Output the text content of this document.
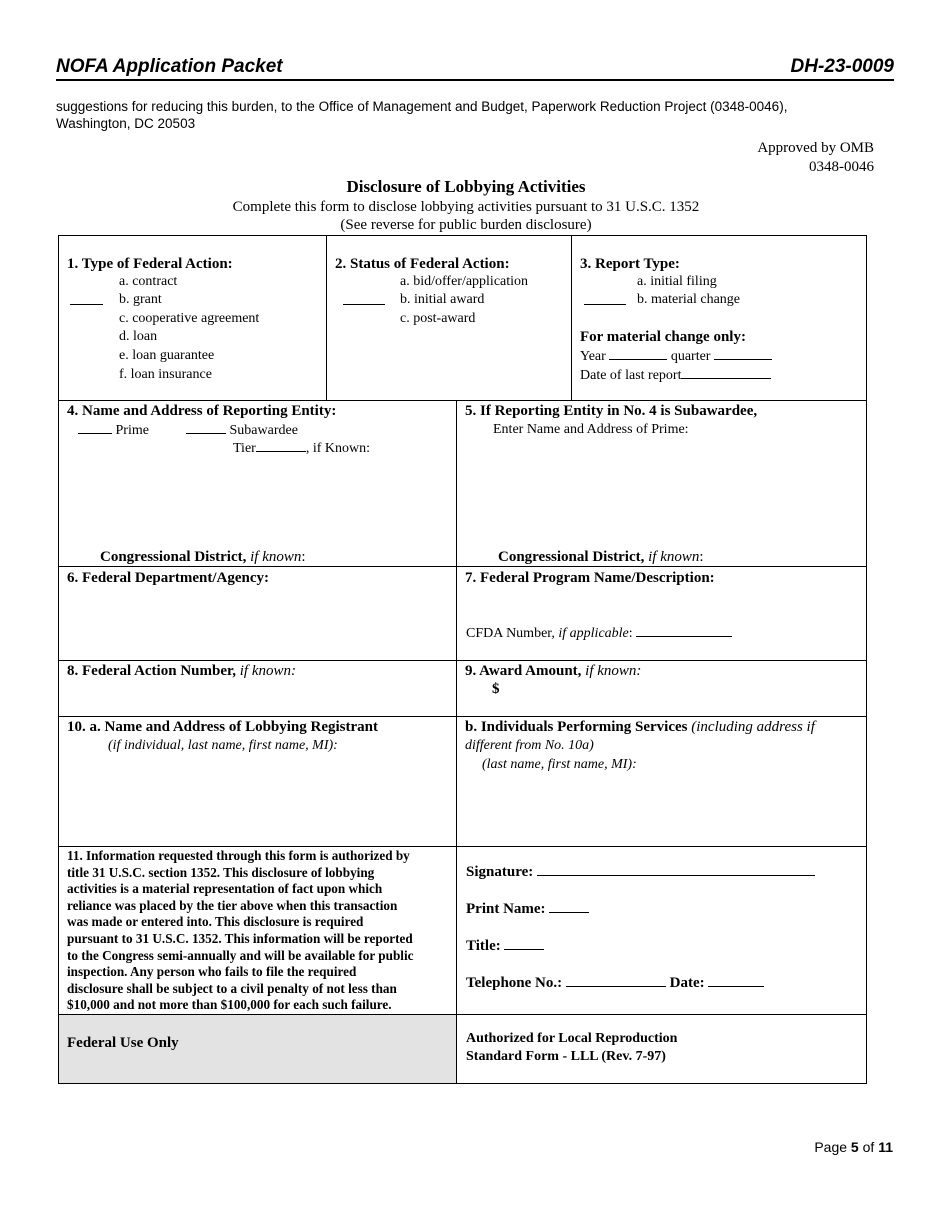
NOFA Application Packet	DH-23-0009
suggestions for reducing this burden, to the Office of Management and Budget, Paperwork Reduction Project (0348-0046),
Washington, DC 20503
Approved by OMB
0348-0046
Disclosure of Lobbying Activities
Complete this form to disclose lobbying activities pursuant to 31 U.S.C. 1352
(See reverse for public burden disclosure)
1. Type of Federal Action:
a. contract
b. grant
c. cooperative agreement
d. loan
e. loan guarantee
f. loan insurance
2. Status of Federal Action:
a. bid/offer/application
b. initial award
c. post-award
3. Report Type:
a. initial filing
b. material change
For material change only:
Year	quarter
Date of last report
4. Name and Address of Reporting Entity:
Prime	Subawardee
Tier	, if Known:
Congressional District, if known:
5. If Reporting Entity in No. 4 is Subawardee,
Enter Name and Address of Prime:
Congressional District, if known:
6. Federal Department/Agency:	7. Federal Program Name/Description:
CFDA Number, if applicable:
8. Federal Action Number, if known:	9. Award Amount, if known:
$
10. a. Name and Address of Lobbying Registrant
(if individual, last name, first name, MI):
b. Individuals Performing Services (including address if
different from No. 10a)
(last name, first name, MI):
11. Information requested through this form is authorized by
title 31 U.S.C. section 1352. This disclosure of lobbying
activities is a material representation of fact upon which
reliance was placed by the tier above when this transaction
was made or entered into. This disclosure is required
pursuant to 31 U.S.C. 1352. This information will be reported
to the Congress semi-annually and will be available for public
inspection. Any person who fails to file the required
disclosure shall be subject to a civil penalty of not less than
$10,000 and not more than $100,000 for each such failure.
Signature:
Print Name:
Title:
Telephone No.:	Date:
Federal Use Only	Authorized for Local Reproduction
Standard Form - LLL (Rev. 7-97)
Page 5 of 11
